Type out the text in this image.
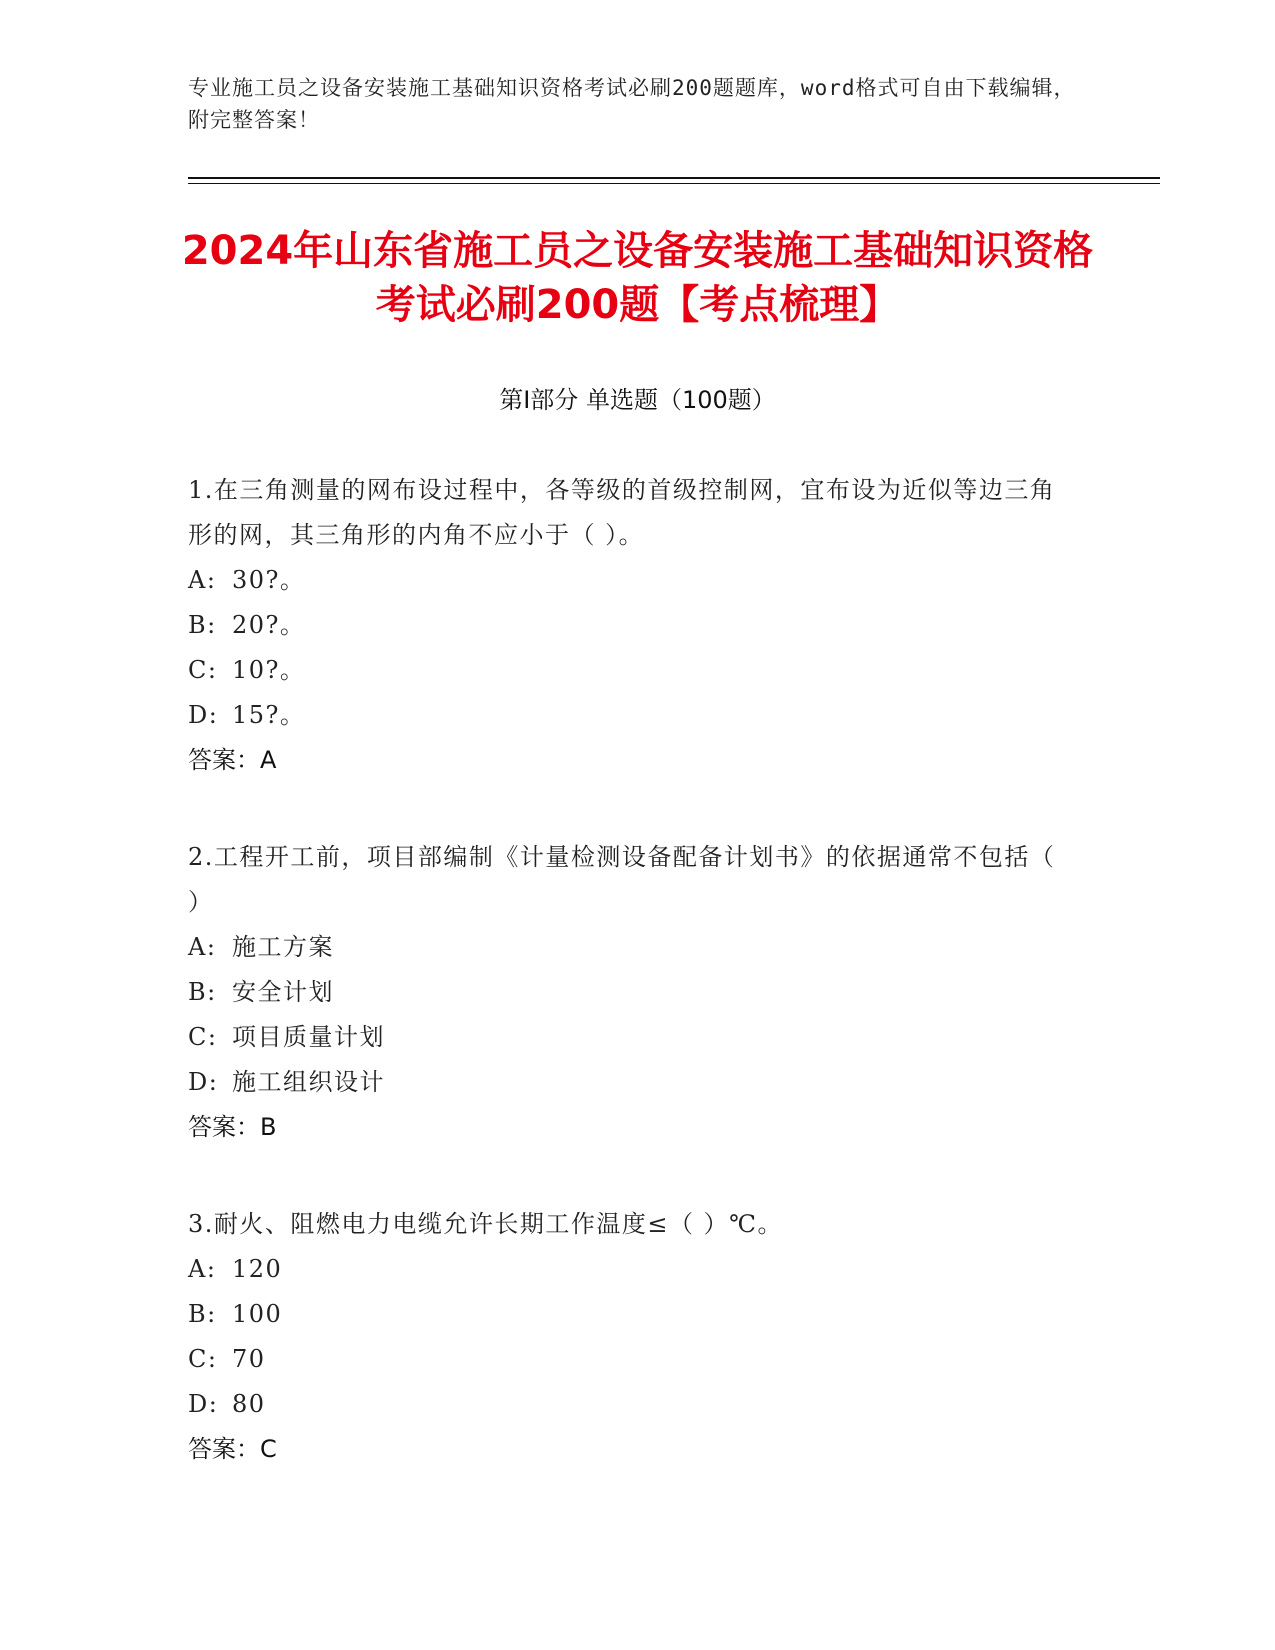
专业施工员之设备安装施工基础知识资格考试必刷200题题库，word格式可自由下载编辑，附完整答案！
2024年山东省施工员之设备安装施工基础知识资格考试必刷200题【考点梳理】
第Ⅰ部分 单选题（100题）

1.在三角测量的网布设过程中，各等级的首级控制网，宜布设为近似等边三角形的网，其三角形的内角不应小于（ ）。

A: 30?。
B: 20?。
C: 10?。
D: 15?。
答案：A

2.工程开工前，项目部编制《计量检测设备配备计划书》的依据通常不包括（ ）

A: 施工方案
B: 安全计划
C: 项目质量计划
D: 施工组织设计
答案：B

3.耐火、阻燃电力电缆允许长期工作温度≤（ ）℃。

A: 120
B: 100
C: 70
D: 80
答案：C
